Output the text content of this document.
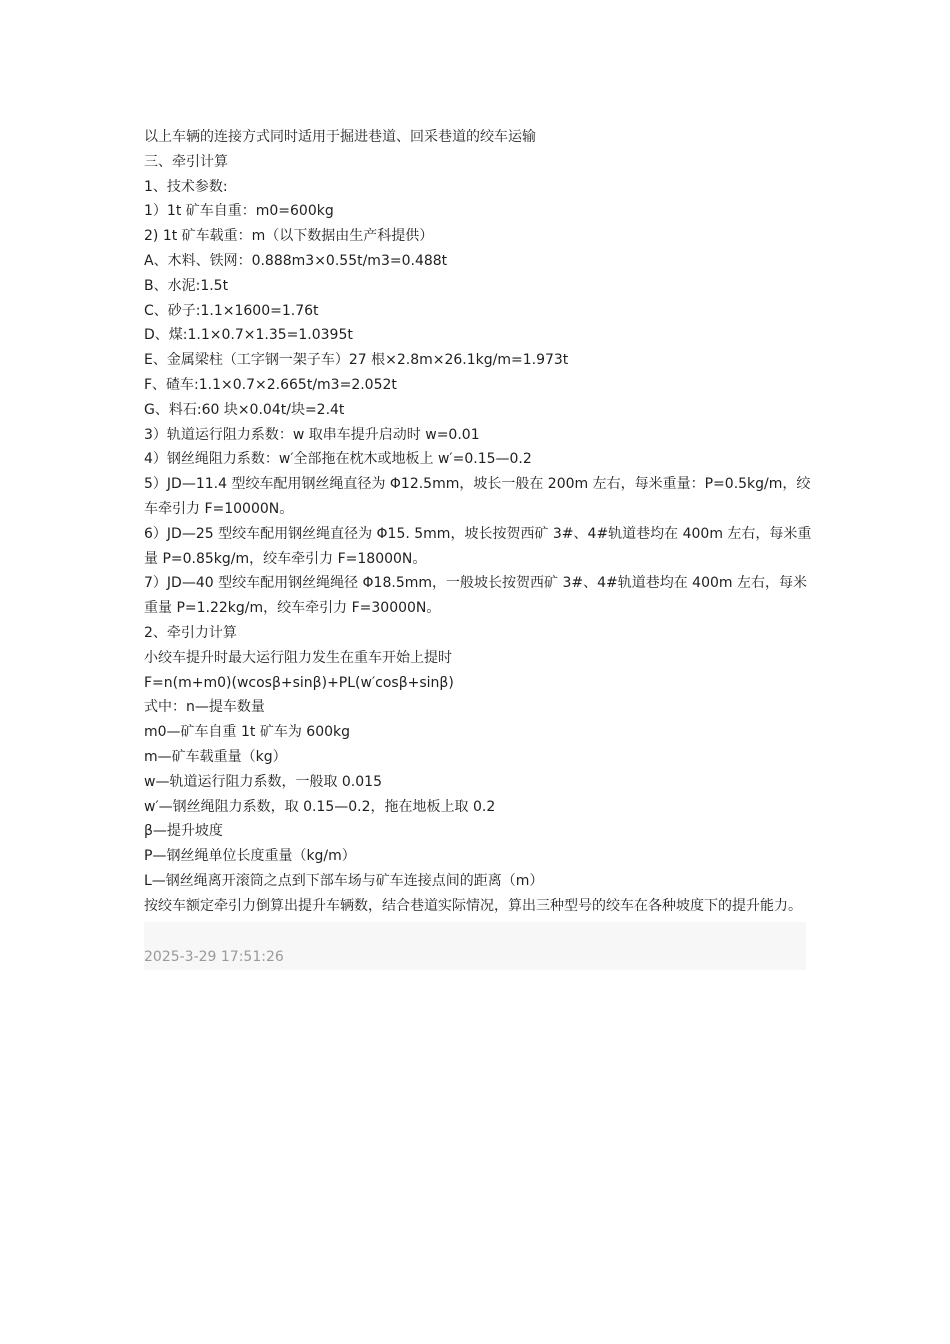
以上车辆的连接方式同时适用于掘进巷道、回采巷道的绞车运输

三、牵引计算

1、技术参数:

1）1t 矿车自重：m0=600kg

2) 1t 矿车载重：m（以下数据由生产科提供）

A、木料、铁网：0.888m3×0.55t/m3=0.488t

B、水泥:1.5t

C、砂子:1.1×1600=1.76t

D、煤:1.1×0.7×1.35=1.0395t

E、金属梁柱（工字钢一架子车）27 根×2.8m×26.1kg/m=1.973t

F、碴车:1.1×0.7×2.665t/m3=2.052t

G、料石:60 块×0.04t/块=2.4t

3）轨道运行阻力系数：w 取串车提升启动时 w=0.01

4）钢丝绳阻力系数：w′全部拖在枕木或地板上 w′=0.15—0.2

5）JD—11.4 型绞车配用钢丝绳直径为 Φ12.5mm，坡长一般在 200m 左右，每米重量：P=0.5kg/m，绞车牵引力 F=10000N。

6）JD—25 型绞车配用钢丝绳直径为 Φ15. 5mm，坡长按贺西矿 3#、4#轨道巷均在 400m 左右，每米重量 P=0.85kg/m，绞车牵引力 F=18000N。

7）JD—40 型绞车配用钢丝绳绳径 Φ18.5mm，一般坡长按贺西矿 3#、4#轨道巷均在 400m 左右，每米重量 P=1.22kg/m，绞车牵引力 F=30000N。

2、牵引力计算

小绞车提升时最大运行阻力发生在重车开始上提时

F=n(m+m0)(wcosβ+sinβ)+PL(w′cosβ+sinβ)

式中：n—提车数量

m0—矿车自重 1t 矿车为 600kg

m—矿车载重量（kg）

w—轨道运行阻力系数，一般取 0.015

w′—钢丝绳阻力系数，取 0.15—0.2，拖在地板上取 0.2

β—提升坡度

P—钢丝绳单位长度重量（kg/m）

L—钢丝绳离开滚筒之点到下部车场与矿车连接点间的距离（m）

按绞车额定牵引力倒算出提升车辆数，结合巷道实际情况，算出三种型号的绞车在各种坡度下的提升能力。

2025-3-29 17:51:26
